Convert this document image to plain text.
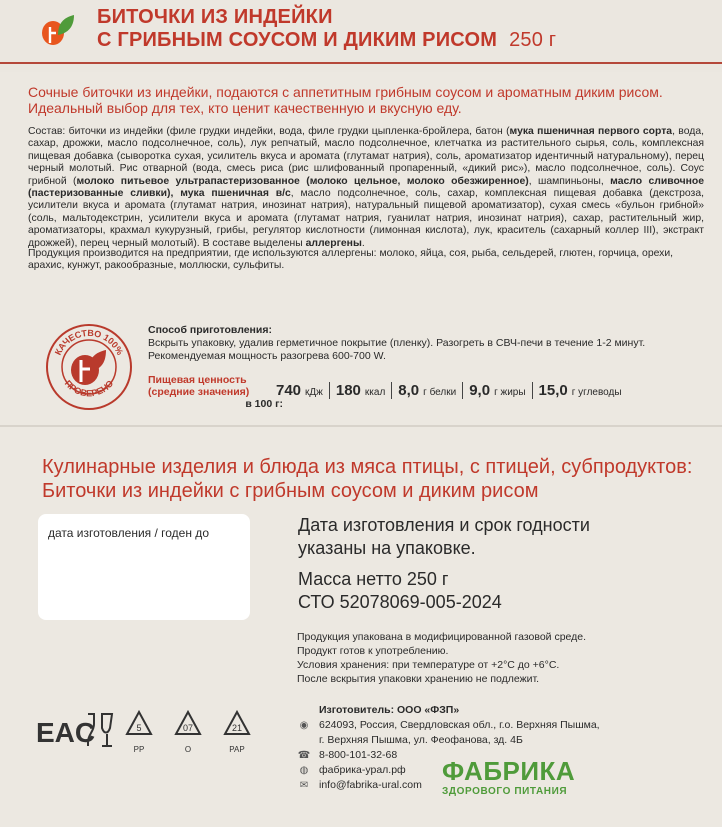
БИТОЧКИ ИЗ ИНДЕЙКИ
С ГРИБНЫМ СОУСОМ И ДИКИМ РИСОМ 250 г
Сочные биточки из индейки, подаются с аппетитным грибным соусом и ароматным диким рисом.
Идеальный выбор для тех, кто ценит качественную и вкусную еду.
Состав: биточки из индейки (филе грудки индейки, вода, филе грудки цыпленка-бройлера, батон (мука пшеничная первого сорта, вода, сахар, дрожжи, масло подсолнечное, соль), лук репчатый, масло подсолнечное, клетчатка из растительного сырья, соль, комплексная пищевая добавка (сыворотка сухая, усилитель вкуса и аромата (глутамат натрия), соль, ароматизатор идентичный натуральному), перец черный молотый. Рис отварной (вода, смесь риса (рис шлифованный пропаренный, «дикий рис»), масло подсолнечное, соль). Соус грибной (молоко питьевое ультрапастеризованное (молоко цельное, молоко обезжиренное), шампиньоны, масло сливочное (пастеризованные сливки), мука пшеничная в/с, масло подсолнечное, соль, сахар, комплексная пищевая добавка (декстроза, усилители вкуса и аромата (глутамат натрия, инозинат натрия), натуральный пищевой ароматизатор), сухая смесь «бульон грибной» (соль, мальтодекстрин, усилители вкуса и аромата (глутамат натрия, гуанилат натрия, инозинат натрия), сахар, растительный жир, ароматизаторы, крахмал кукурузный, грибы, регулятор кислотности (лимонная кислота), лук, краситель (сахарный коллер III), экстракт дрожжей), перец черный молотый). В составе выделены аллергены.
Продукция производится на предприятии, где используются аллергены: молоко, яйца, соя, рыба, сельдерей, глютен, горчица, орехи, арахис, кунжут, ракообразные, моллюски, сульфиты.
КАЧЕСТВО 100%
ПРОВЕРЕНО
Способ приготовления:
Вскрыть упаковку, удалив герметичное покрытие (пленку). Разогреть в СВЧ-печи в течение 1-2 минут.
Рекомендуемая мощность разогрева 600-700 W.
Пищевая ценность
(средние значения)
в 100 г:
740 кДж 180 ккал 8,0 г белки 9,0 г жиры 15,0 г углеводы
Кулинарные изделия и блюда из мяса птицы, с птицей, субпродуктов:
Биточки из индейки с грибным соусом и диким рисом
дата изготовления / годен до	Дата изготовления и срок годности
указаны на упаковке.
Масса нетто 250 г
СТО 52078069-005-2024
Продукция упакована в модифицированной газовой среде.
Продукт готов к употреблению.
Условия хранения: при температуре от +2°С до +6°С.
После вскрытия упаковки хранению не подлежит.
EAC	5
PP
07
O
21
PAP
Изготовитель: ООО «ФЗП»
◉ 624093, Россия, Свердловская обл., г.о. Верхняя Пышма,
г. Верхняя Пышма, ул. Феофанова, зд. 4Б
☎ 8-800-101-32-68
◍ фабрика-урал.рф
✉ info@fabrika-ural.com ФАБРИКА
ЗДОРОВОГО ПИТАНИЯ
